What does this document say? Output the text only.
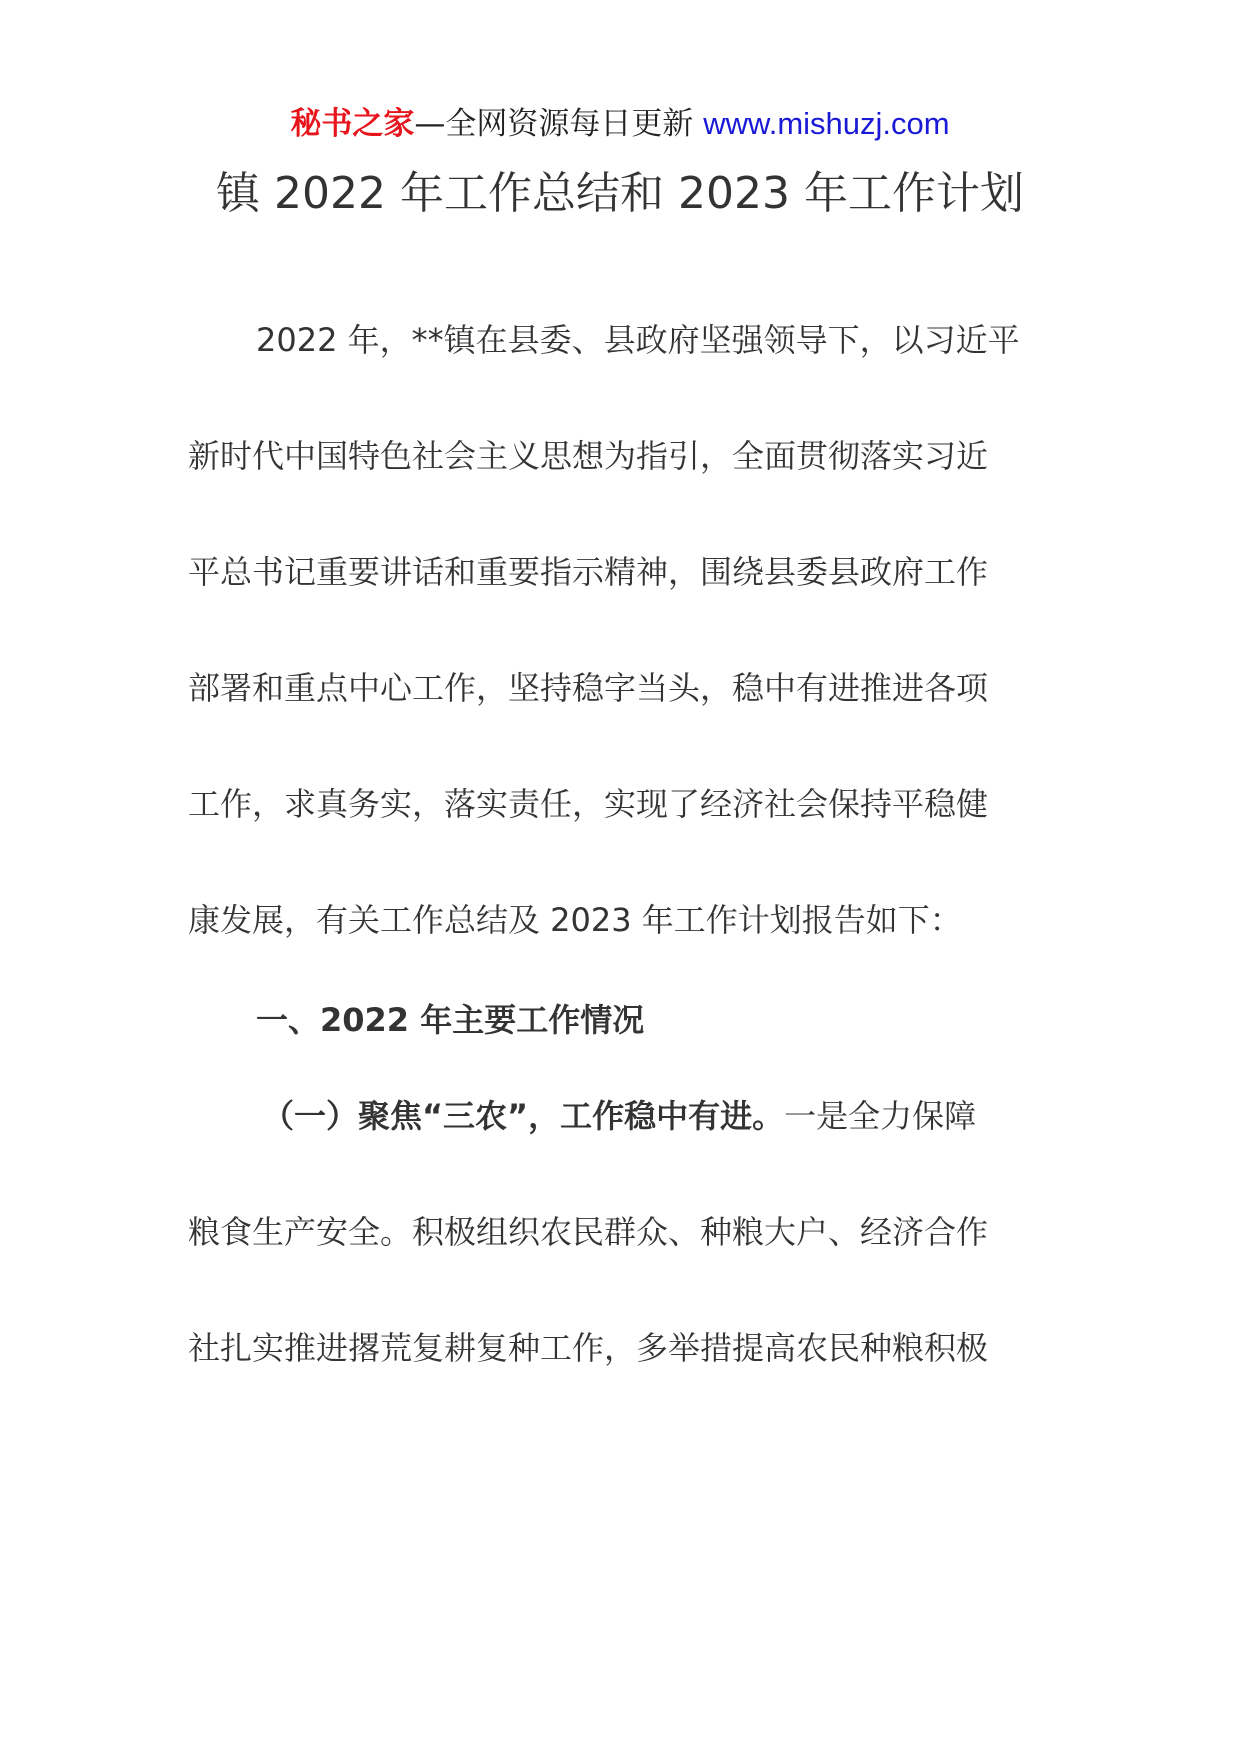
秘书之家—全网资源每日更新 www.mishuzj.com
镇 2022 年工作总结和 2023 年工作计划

2022 年，**镇在县委、县政府坚强领导下，以习近平

新时代中国特色社会主义思想为指引，全面贯彻落实习近

平总书记重要讲话和重要指示精神，围绕县委县政府工作

部署和重点中心工作，坚持稳字当头，稳中有进推进各项

工作，求真务实，落实责任，实现了经济社会保持平稳健

康发展，有关工作总结及 2023 年工作计划报告如下：

一、2022 年主要工作情况

（一）聚焦“三农”，工作稳中有进。一是全力保障

粮食生产安全。积极组织农民群众、种粮大户、经济合作

社扎实推进撂荒复耕复种工作，多举措提高农民种粮积极
